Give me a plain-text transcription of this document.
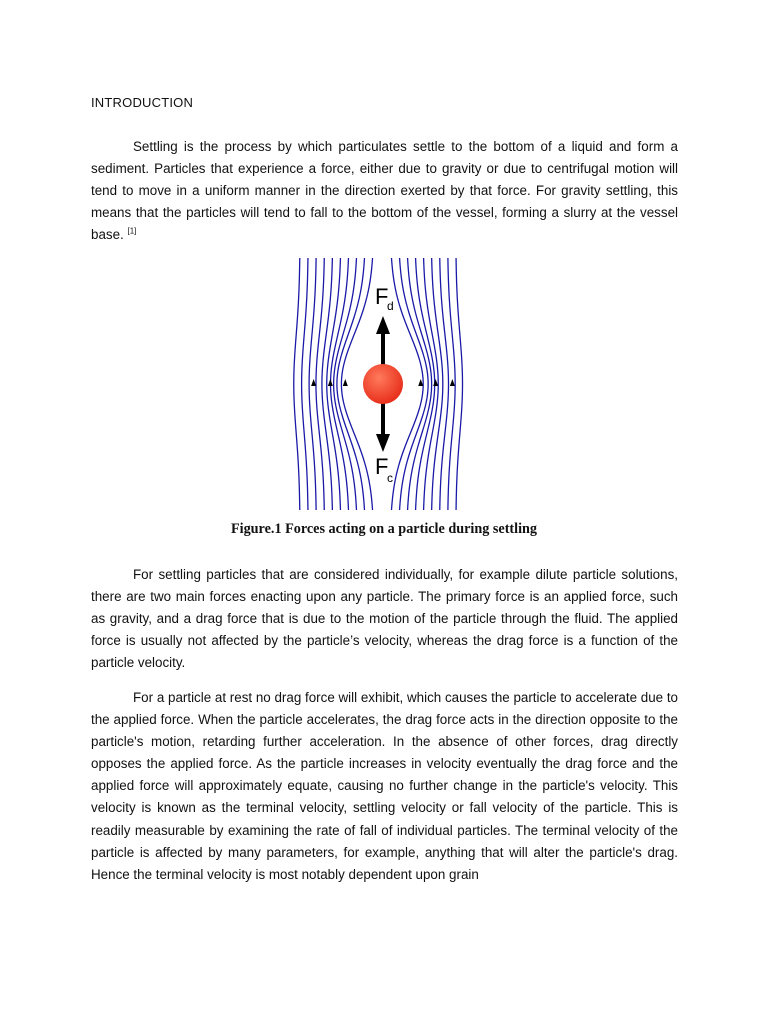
INTRODUCTION

Settling is the process by which particulates settle to the bottom of a liquid and form a sediment. Particles that experience a force, either due to gravity or due to centrifugal motion will tend to move in a uniform manner in the direction exerted by that force. For gravity settling, this means that the particles will tend to fall to the bottom of the vessel, forming a slurry at the vessel base. [1]

F
d
F
c

Figure.1 Forces acting on a particle during settling

For settling particles that are considered individually, for example dilute particle solutions, there are two main forces enacting upon any particle. The primary force is an applied force, such as gravity, and a drag force that is due to the motion of the particle through the fluid. The applied force is usually not affected by the particle’s velocity, whereas the drag force is a function of the particle velocity.

For a particle at rest no drag force will exhibit, which causes the particle to accelerate due to the applied force. When the particle accelerates, the drag force acts in the direction opposite to the particle's motion, retarding further acceleration. In the absence of other forces, drag directly opposes the applied force. As the particle increases in velocity eventually the drag force and the applied force will approximately equate, causing no further change in the particle's velocity. This velocity is known as the terminal velocity, settling velocity or fall velocity of the particle. This is readily measurable by examining the rate of fall of individual particles. The terminal velocity of the particle is affected by many parameters, for example, anything that will alter the particle's drag. Hence the terminal velocity is most notably dependent upon grain
